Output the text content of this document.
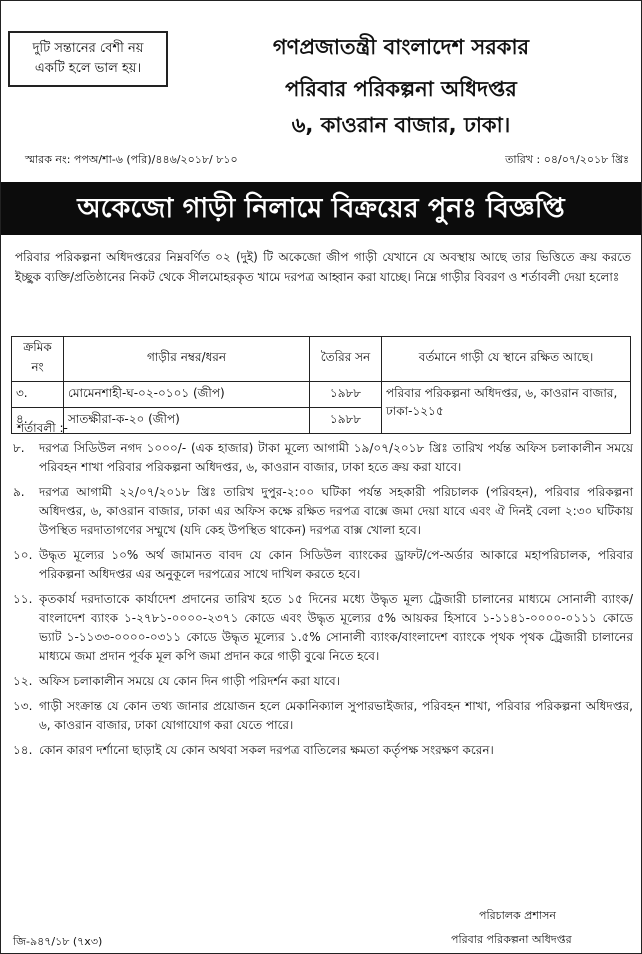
দুটি সন্তানের বেশী নয়
একটি হলে ভাল হয়।
গণপ্রজাতন্ত্রী বাংলাদেশ সরকার
পরিবার পরিকল্পনা অধিদপ্তর
৬, কাওরান বাজার, ঢাকা।
স্মারক নং: পপঅ/শা-৬ (পরি)/৪৪৬/২০১৮/ ৮১০	তারিখ : ০৪/০৭/২০১৮ খ্রিঃ
অকেজো গাড়ী নিলামে বিক্রয়ের পুনঃ বিজ্ঞপ্তি
পরিবার পরিকল্পনা অধিদপ্তরের নিম্নবর্ণিত ০২ (দুই) টি অকেজো জীপ গাড়ী যেখানে যে অবস্থায় আছে তার ভিত্তিতে ক্রয় করতে ইচ্ছুক ব্যক্তি/প্রতিষ্ঠানের নিকট থেকে সীলমোহরকৃত খামে দরপত্র আহ্বান করা যাচ্ছে। নিম্নে গাড়ীর বিবরণ ও শর্তাবলী দেয়া হলোঃ
ক্রমিক নং	গাড়ীর নম্বর/ধরন	তৈরির সন	বর্তমানে গাড়ী যে স্থানে রক্ষিত আছে।
৩.	মোমেনশাহী-ঘ-০২-০১০১ (জীপ)	১৯৮৮	পরিবার পরিকল্পনা অধিদপ্তর, ৬, কাওরান বাজার, ঢাকা-১২১৫
৪.	সাতক্ষীরা-ক-২০ (জীপ)	১৯৮৮	
শর্তাবলী :-
৮.	দরপত্র সিডিউল নগদ ১০০০/- (এক হাজার) টাকা মূল্যে আগামী ১৯/০৭/২০১৮ খ্রিঃ তারিখ পর্যন্ত অফিস চলাকালীন সময়ে পরিবহন শাখা পরিবার পরিকল্পনা অধিদপ্তর, ৬, কাওরান বাজার, ঢাকা হতে ক্রয় করা যাবে।
৯.	দরপত্র আগামী ২২/০৭/২০১৮ খ্রিঃ তারিখ দুপুর-২:০০ ঘটিকা পর্যন্ত সহকারী পরিচালক (পরিবহন), পরিবার পরিকল্পনা অধিদপ্তর, ৬, কাওরান বাজার, ঢাকা এর অফিস কক্ষে রক্ষিত দরপত্র বাক্সে জমা দেয়া যাবে এবং ঐ দিনই বেলা ২:৩০ ঘটিকায় উপস্থিত দরদাতাগণের সম্মুখে (যদি কেহ উপস্থিত থাকেন) দরপত্র বাক্স খোলা হবে।
১০. উদ্ধৃত মূল্যের ১০% অর্থ জামানত বাবদ যে কোন সিডিউল ব্যাংকের ড্রাফট/পে-অর্ডার আকারে মহাপরিচালক, পরিবার পরিকল্পনা অধিদপ্তর এর অনুকূলে দরপত্রের সাথে দাখিল করতে হবে।
১১. কৃতকার্য দরদাতাকে কার্যাদেশ প্রদানের তারিখ হতে ১৫ দিনের মধ্যে উদ্ধৃত মূল্য ট্রেজারী চালানের মাধ্যমে সোনালী ব্যাংক/বাংলাদেশ ব্যাংক ১-২৭৮১-০০০০-২৩৭১ কোডে এবং উদ্ধৃত মূল্যের ৫% আয়কর হিসাবে ১-১১৪১-০০০০-০১১১ কোডে ভ্যাট ১-১১৩৩-০০০০-০৩১১ কোডে উদ্ধৃত মূল্যের ১.৫% সোনালী ব্যাংক/বাংলাদেশ ব্যাংকে পৃথক পৃথক ট্রেজারী চালানের মাধ্যমে জমা প্রদান পূর্বক মূল কপি জমা প্রদান করে গাড়ী বুঝে নিতে হবে।
১২. অফিস চলাকালীন সময়ে যে কোন দিন গাড়ী পরিদর্শন করা যাবে।
১৩. গাড়ী সংক্রান্ত যে কোন তথ্য জানার প্রয়োজন হলে মেকানিক্যাল সুপারভাইজার, পরিবহন শাখা, পরিবার পরিকল্পনা অধিদপ্তর, ৬, কাওরান বাজার, ঢাকা যোগাযোগ করা যেতে পারে।
১৪. কোন কারণ দর্শানো ছাড়াই যে কোন অথবা সকল দরপত্র বাতিলের ক্ষমতা কর্তৃপক্ষ সংরক্ষণ করেন।
পরিচালক প্রশাসন
পরিবার পরিকল্পনা অধিদপ্তর
জি-৯৪৭/১৮ (৭x৩)
